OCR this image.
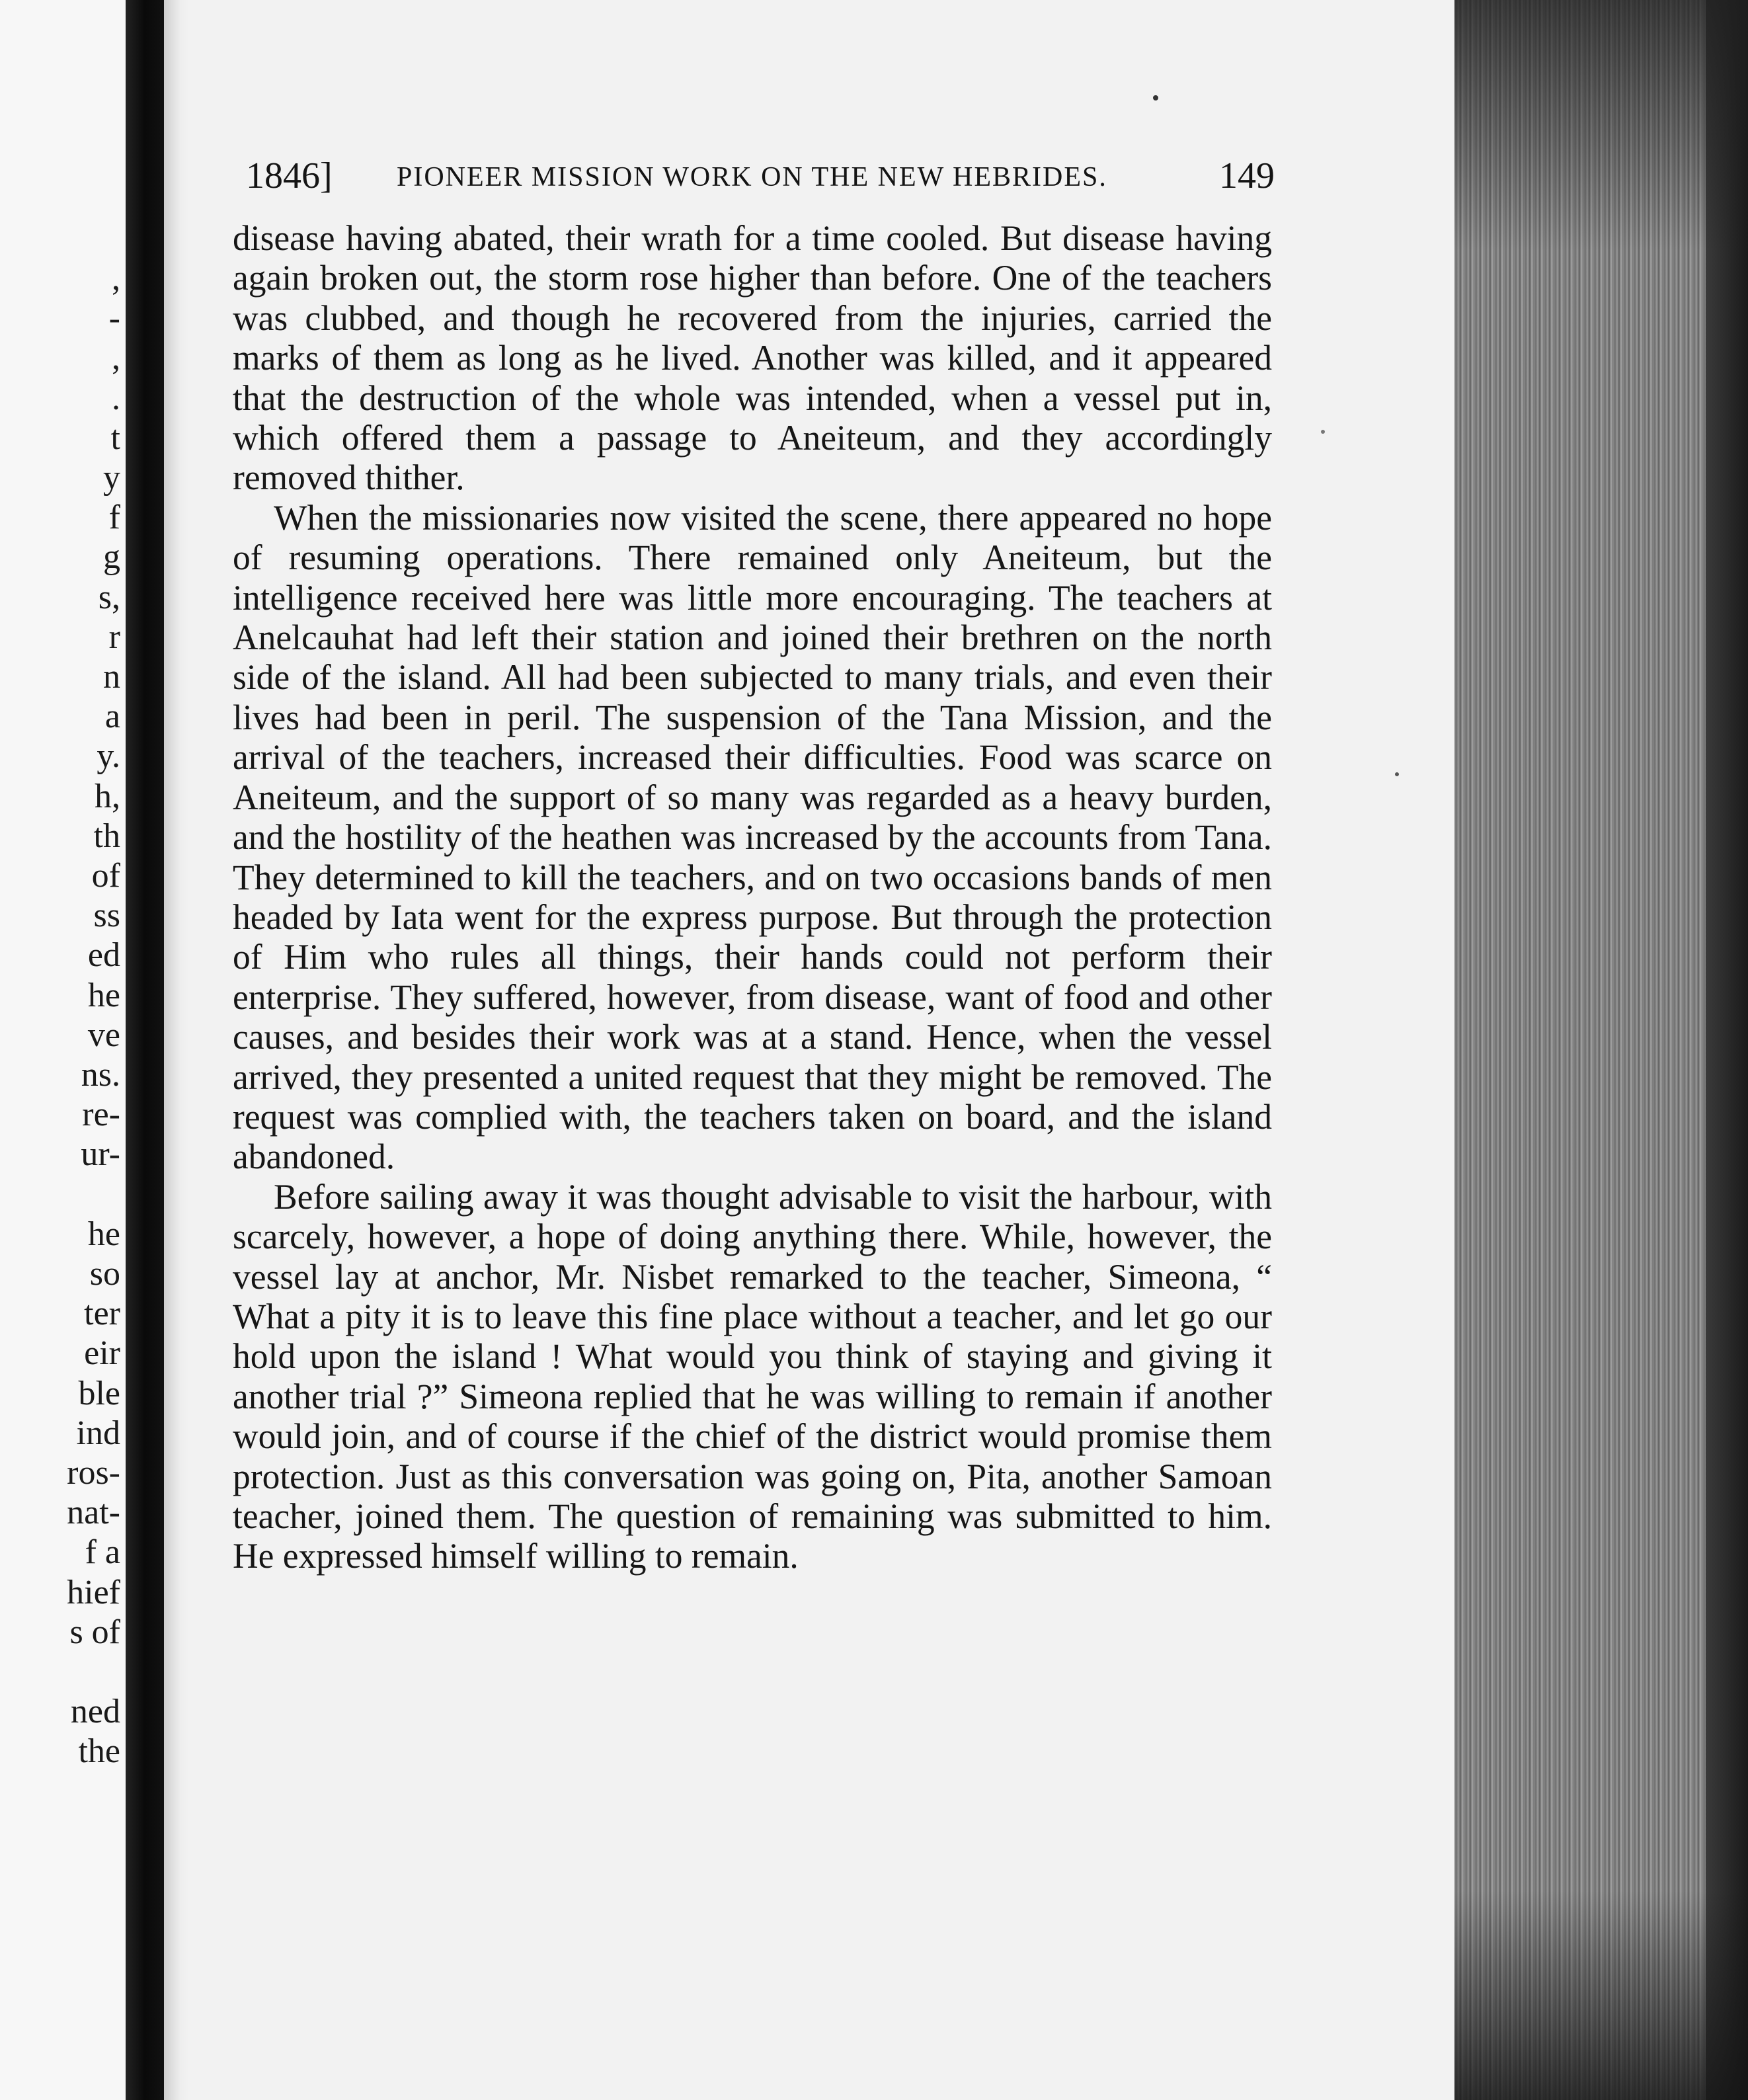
,
-
,
.
t
y
f
g
s,
r
n
a
y.
h,
th
of
ss
ed
he
ve
ns.
re-
ur-
he
so
ter
eir
ble
ind
ros-
nat-
f a
hief
s of
ned
the
1846] PIONEER MISSION WORK ON THE NEW HEBRIDES.	149

disease having abated, their wrath for a time cooled. But disease having again broken out, the storm rose higher than before. One of the teachers was clubbed, and though he recovered from the injuries, carried the marks of them as long as he lived. Another was killed, and it appeared that the destruction of the whole was intended, when a vessel put in, which offered them a passage to Aneiteum, and they accordingly removed thither.

When the missionaries now visited the scene, there appeared no hope of resuming operations. There remained only Aneiteum, but the intelligence received here was little more encouraging. The teachers at Anelcauhat had left their station and joined their brethren on the north side of the island. All had been subjected to many trials, and even their lives had been in peril. The suspension of the Tana Mission, and the arrival of the teachers, increased their difficulties. Food was scarce on Aneiteum, and the support of so many was regarded as a heavy burden, and the hostility of the heathen was increased by the accounts from Tana. They determined to kill the teachers, and on two occasions bands of men headed by Iata went for the express purpose. But through the protection of Him who rules all things, their hands could not perform their enterprise. They suffered, however, from disease, want of food and other causes, and besides their work was at a stand. Hence, when the vessel arrived, they presented a united request that they might be removed. The request was complied with, the teachers taken on board, and the island abandoned.

Before sailing away it was thought advisable to visit the harbour, with scarcely, however, a hope of doing anything there. While, however, the vessel lay at anchor, Mr. Nisbet remarked to the teacher, Simeona, “ What a pity it is to leave this fine place without a teacher, and let go our hold upon the island ! What would you think of staying and giving it another trial ?” Simeona replied that he was willing to remain if another would join, and of course if the chief of the district would promise them protection. Just as this conversation was going on, Pita, another Samoan teacher, joined them. The question of remaining was submitted to him. He expressed himself willing to remain.
